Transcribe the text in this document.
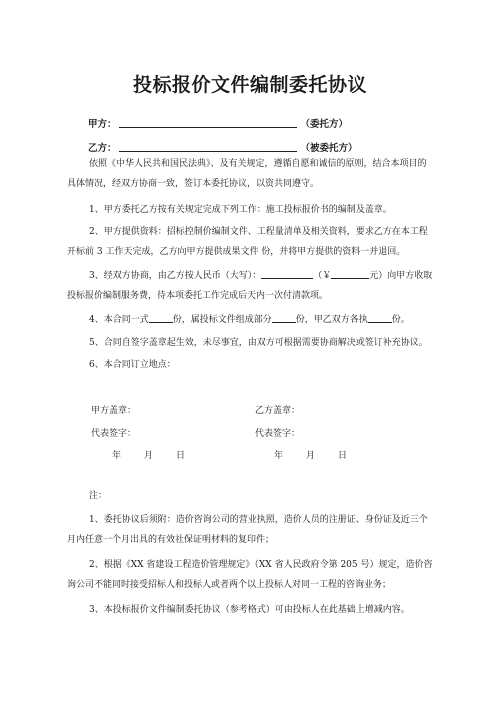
投标报价文件编制委托协议
甲方：	（委托方）
乙方：	（被委托方）
依照《中华人民共和国民法典》、及有关规定，遵循自愿和诚信的原则，结合本项目的具体情况，经双方协商一致，签订本委托协议，以资共同遵守。
1、甲方委托乙方按有关规定完成下列工作：施工投标报价书的编制及盖章。
2、甲方提供资料：招标控制价编制文件、工程量清单及相关资料，要求乙方在本工程开标前 3 工作天完成，乙方向甲方提供成果文件 份，并将甲方提供的资料一并退回。
3、经双方协商，由乙方按人民币（大写）：	（￥	元）向甲方收取投标报价编制服务费，待本项委托工作完成后天内一次付清款项。
4、本合同一式	份，属投标文件组成部分	份，甲乙双方各执	份。
5、合同自签字盖章起生效，未尽事宜，由双方可根据需要协商解决或签订补充协议。
6、本合同订立地点：
甲方盖章：	乙方盖章：
代表签字：	代表签字：
年	月	日	年	月	日
注：
1、委托协议后须附：造价咨询公司的营业执照，造价人员的注册证、身份证及近三个月内任意一个月出具的有效社保证明材料的复印件；
2、根据《XX 省建设工程造价管理规定》（XX 省人民政府令第 205 号）规定，造价咨询公司不能同时接受招标人和投标人或者两个以上投标人对同一工程的咨询业务；
3、本投标报价文件编制委托协议（参考格式）可由投标人在此基础上增减内容。
